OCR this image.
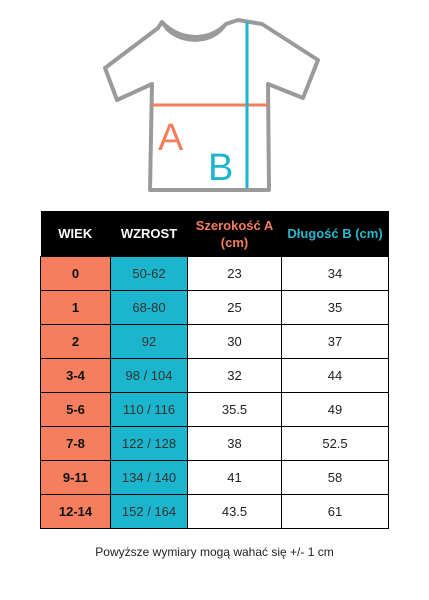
A
B
WIEK	WZROST	Szerokość A (cm)	Długość B (cm)
0	50-62	23	34
1	68-80	25	35
2	92	30	37
3-4	98 / 104	32	44
5-6	110 / 116	35.5	49
7-8	122 / 128	38	52.5
9-11	134 / 140	41	58
12-14	152 / 164	43.5	61
Powyższe wymiary mogą wahać się +/- 1 cm
